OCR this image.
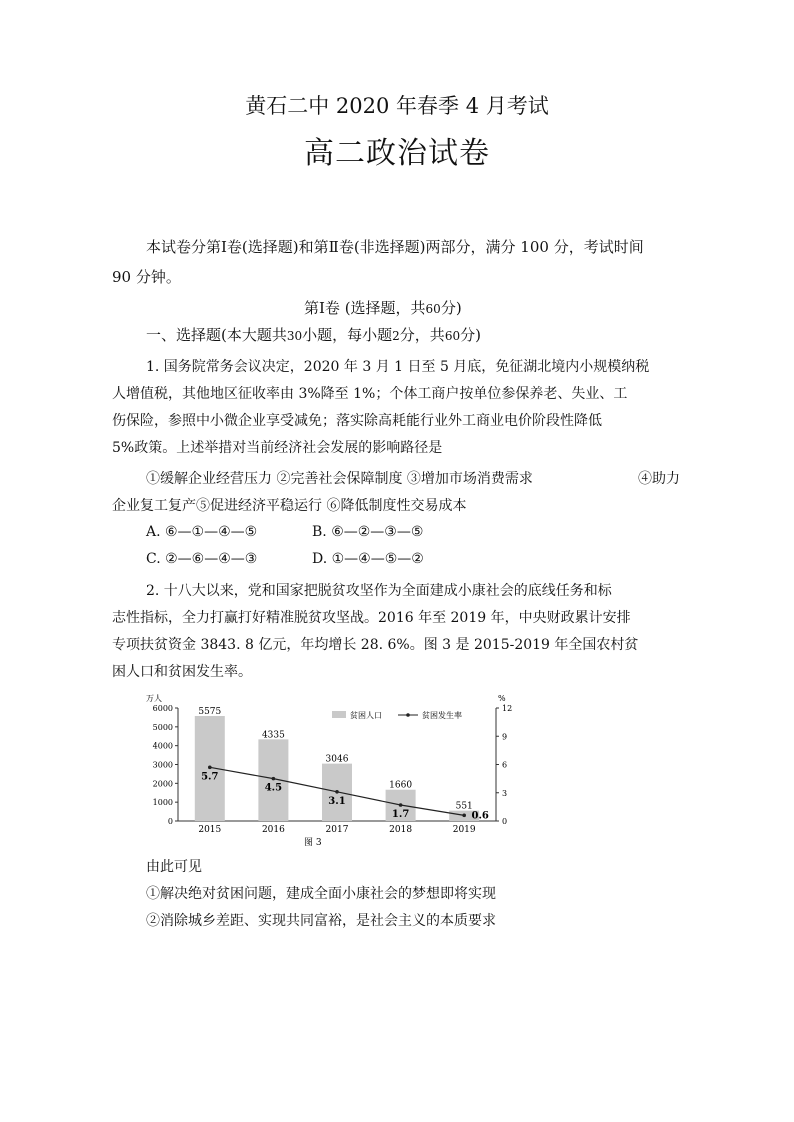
黄石二中 2020 年春季 4 月考试
高二政治试卷
本试卷分第Ⅰ卷(选择题)和第Ⅱ卷(非选择题)两部分，满分 100 分，考试时间
90 分钟。
第Ⅰ卷 (选择题，共60分)
一、选择题(本大题共30小题，每小题2分，共60分)
1. 国务院常务会议决定，2020 年 3 月 1 日至 5 月底，免征湖北境内小规模纳税
人增值税，其他地区征收率由 3%降至 1%；个体工商户按单位参保养老、失业、工
伤保险，参照中小微企业享受减免；落实除高耗能行业外工商业电价阶段性降低
5%政策。上述举措对当前经济社会发展的影响路径是
①缓解企业经营压力 ②完善社会保障制度 ③增加市场消费需求	④助力
企业复工复产⑤促进经济平稳运行 ⑥降低制度性交易成本
A. ⑥—①—④—⑤	B. ⑥—②—③—⑤
C. ②—⑥—④—③	D. ①—④—⑤—②
2. 十八大以来，党和国家把脱贫攻坚作为全面建成小康社会的底线任务和标
志性指标，全力打赢打好精准脱贫攻坚战。2016 年至 2019 年，中央财政累计安排
专项扶贫资金 3843. 8 亿元，年均增长 28. 6%。图 3 是 2015-2019 年全国农村贫
困人口和贫困发生率。
万人	%
0
1000
2000
3000
4000
5000
6000
0
3
6
9
12
5575
4335
3046
1660
551
5.7
4.5
3.1
1.7	0.6
2015	2016	2017	2018	2019
贫困人口	贫困发生率
图 3
由此可见
①解决绝对贫困问题，建成全面小康社会的梦想即将实现
②消除城乡差距、实现共同富裕，是社会主义的本质要求
